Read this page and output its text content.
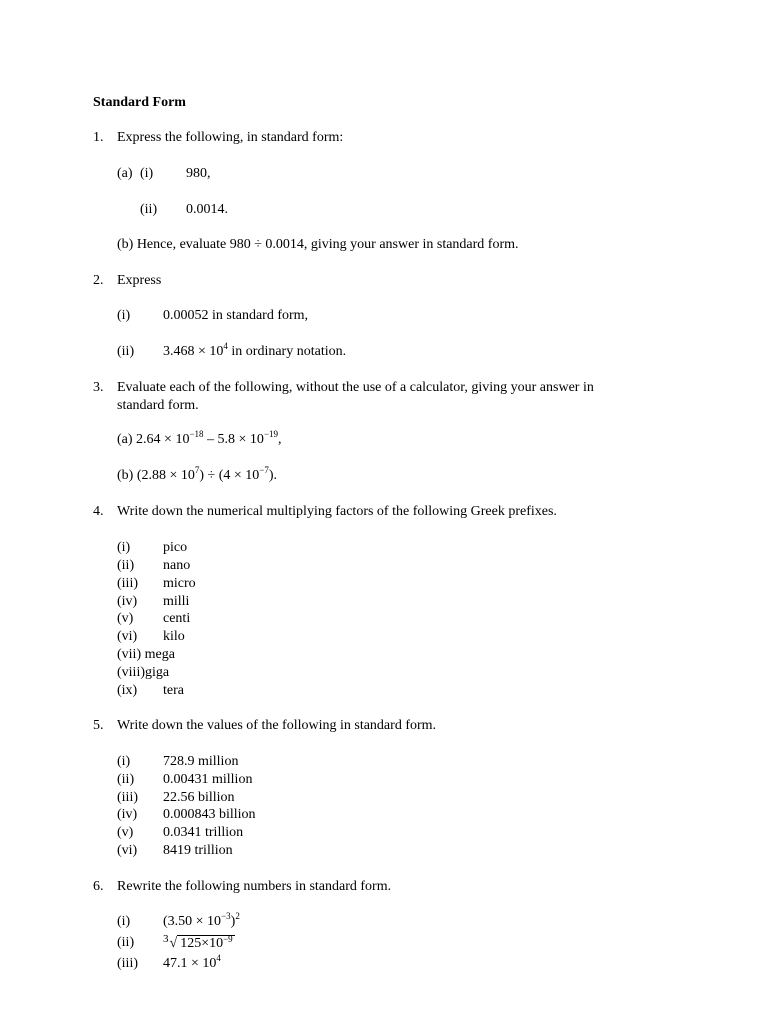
Standard Form
1. Express the following, in standard form:
(a) (i) 980,
(ii) 0.0014.
(b) Hence, evaluate 980 ÷ 0.0014, giving your answer in standard form.
2. Express
(i) 0.00052 in standard form,
(ii) $3.468 \times 10^4$ in ordinary notation.
3. Evaluate each of the following, without the use of a calculator, giving your answer in
standard form.
(a) $2.64 \times 10^{-18} - 5.8 \times 10^{-19}$,
(b) $(2.88 \times 10^7) \div (4 \times 10^{-7})$.
4. Write down the numerical multiplying factors of the following Greek prefixes.
(i) pico
(ii) nano
(iii) micro
(iv) milli
(v) centi
(vi) kilo
(vii) mega
(viii)giga
(ix) tera
5. Write down the values of the following in standard form.
(i) 728.9 million
(ii) 0.00431 million
(iii) 22.56 billion
(iv) 0.000843 billion
(v) 0.0341 trillion
(vi) 8419 trillion
6. Rewrite the following numbers in standard form.
(i) $(3.50 \times 10^{-3})^2$
(ii)	$^3$√ $125\times 10^{-9}$
(iii) $47.1 \times 10^4$
